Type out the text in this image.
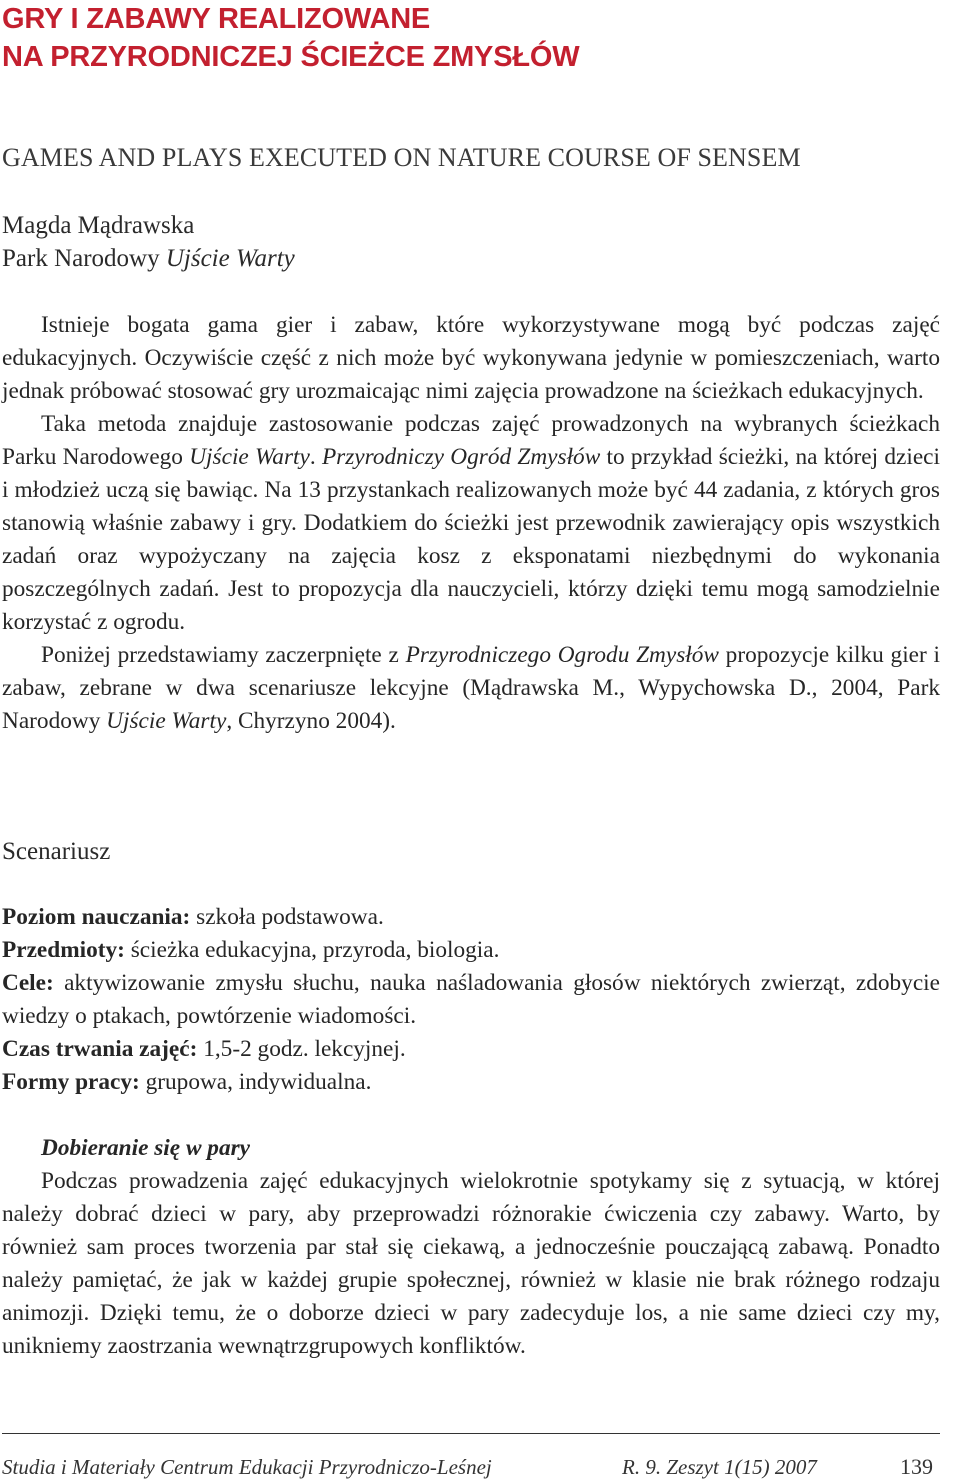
GRY I ZABAWY REALIZOWANE
NA PRZYRODNICZEJ ŚCIEŻCE ZMYSŁÓW
GAMES AND PLAYS EXECUTED ON NATURE COURSE OF SENSEM
Magda Mądrawska
Park Narodowy Ujście Warty

Istnieje bogata gama gier i zabaw, które wykorzystywane mogą być podczas zajęć edukacyjnych. Oczywiście część z nich może być wykonywana jedynie w pomieszczeniach, warto jednak próbować stosować gry urozmaicając nimi zajęcia prowadzone na ścieżkach edukacyjnych.

Taka metoda znajduje zastosowanie podczas zajęć prowadzonych na wybranych ścieżkach Parku Narodowego Ujście Warty. Przyrodniczy Ogród Zmysłów to przykład ścieżki, na której dzieci i młodzież uczą się bawiąc. Na 13 przystankach realizowanych może być 44 zadania, z których gros stanowią właśnie zabawy i gry. Dodatkiem do ścieżki jest przewodnik zawierający opis wszystkich zadań oraz wypożyczany na zajęcia kosz z eksponatami niezbędnymi do wykonania poszczególnych zadań. Jest to propozycja dla nauczycieli, którzy dzięki temu mogą samodzielnie korzystać z ogrodu.

Poniżej przedstawiamy zaczerpnięte z Przyrodniczego Ogrodu Zmysłów propozycje kilku gier i zabaw, zebrane w dwa scenariusze lekcyjne (Mądrawska M., Wypychowska D., 2004, Park Narodowy Ujście Warty, Chyrzyno 2004).

Scenariusz
Poziom nauczania: szkoła podstawowa.
Przedmioty: ścieżka edukacyjna, przyroda, biologia.
Cele: aktywizowanie zmysłu słuchu, nauka naśladowania głosów niektórych zwierząt, zdobycie wiedzy o ptakach, powtórzenie wiadomości.
Czas trwania zajęć: 1,5-2 godz. lekcyjnej.
Formy pracy: grupowa, indywidualna.
Dobieranie się w pary

Podczas prowadzenia zajęć edukacyjnych wielokrotnie spotykamy się z sytuacją, w której należy dobrać dzieci w pary, aby przeprowadzi różnorakie ćwiczenia czy zabawy. Warto, by również sam proces tworzenia par stał się ciekawą, a jednocześnie pouczającą zabawą. Ponadto należy pamiętać, że jak w każdej grupie społecznej, również w klasie nie brak różnego rodzaju animozji. Dzięki temu, że o doborze dzieci w pary zadecyduje los, a nie same dzieci czy my, unikniemy zaostrzania wewnątrzgrupowych konfliktów.

Studia i Materiały Centrum Edukacji Przyrodniczo-Leśnej	R. 9. Zeszyt 1(15) 2007	139
